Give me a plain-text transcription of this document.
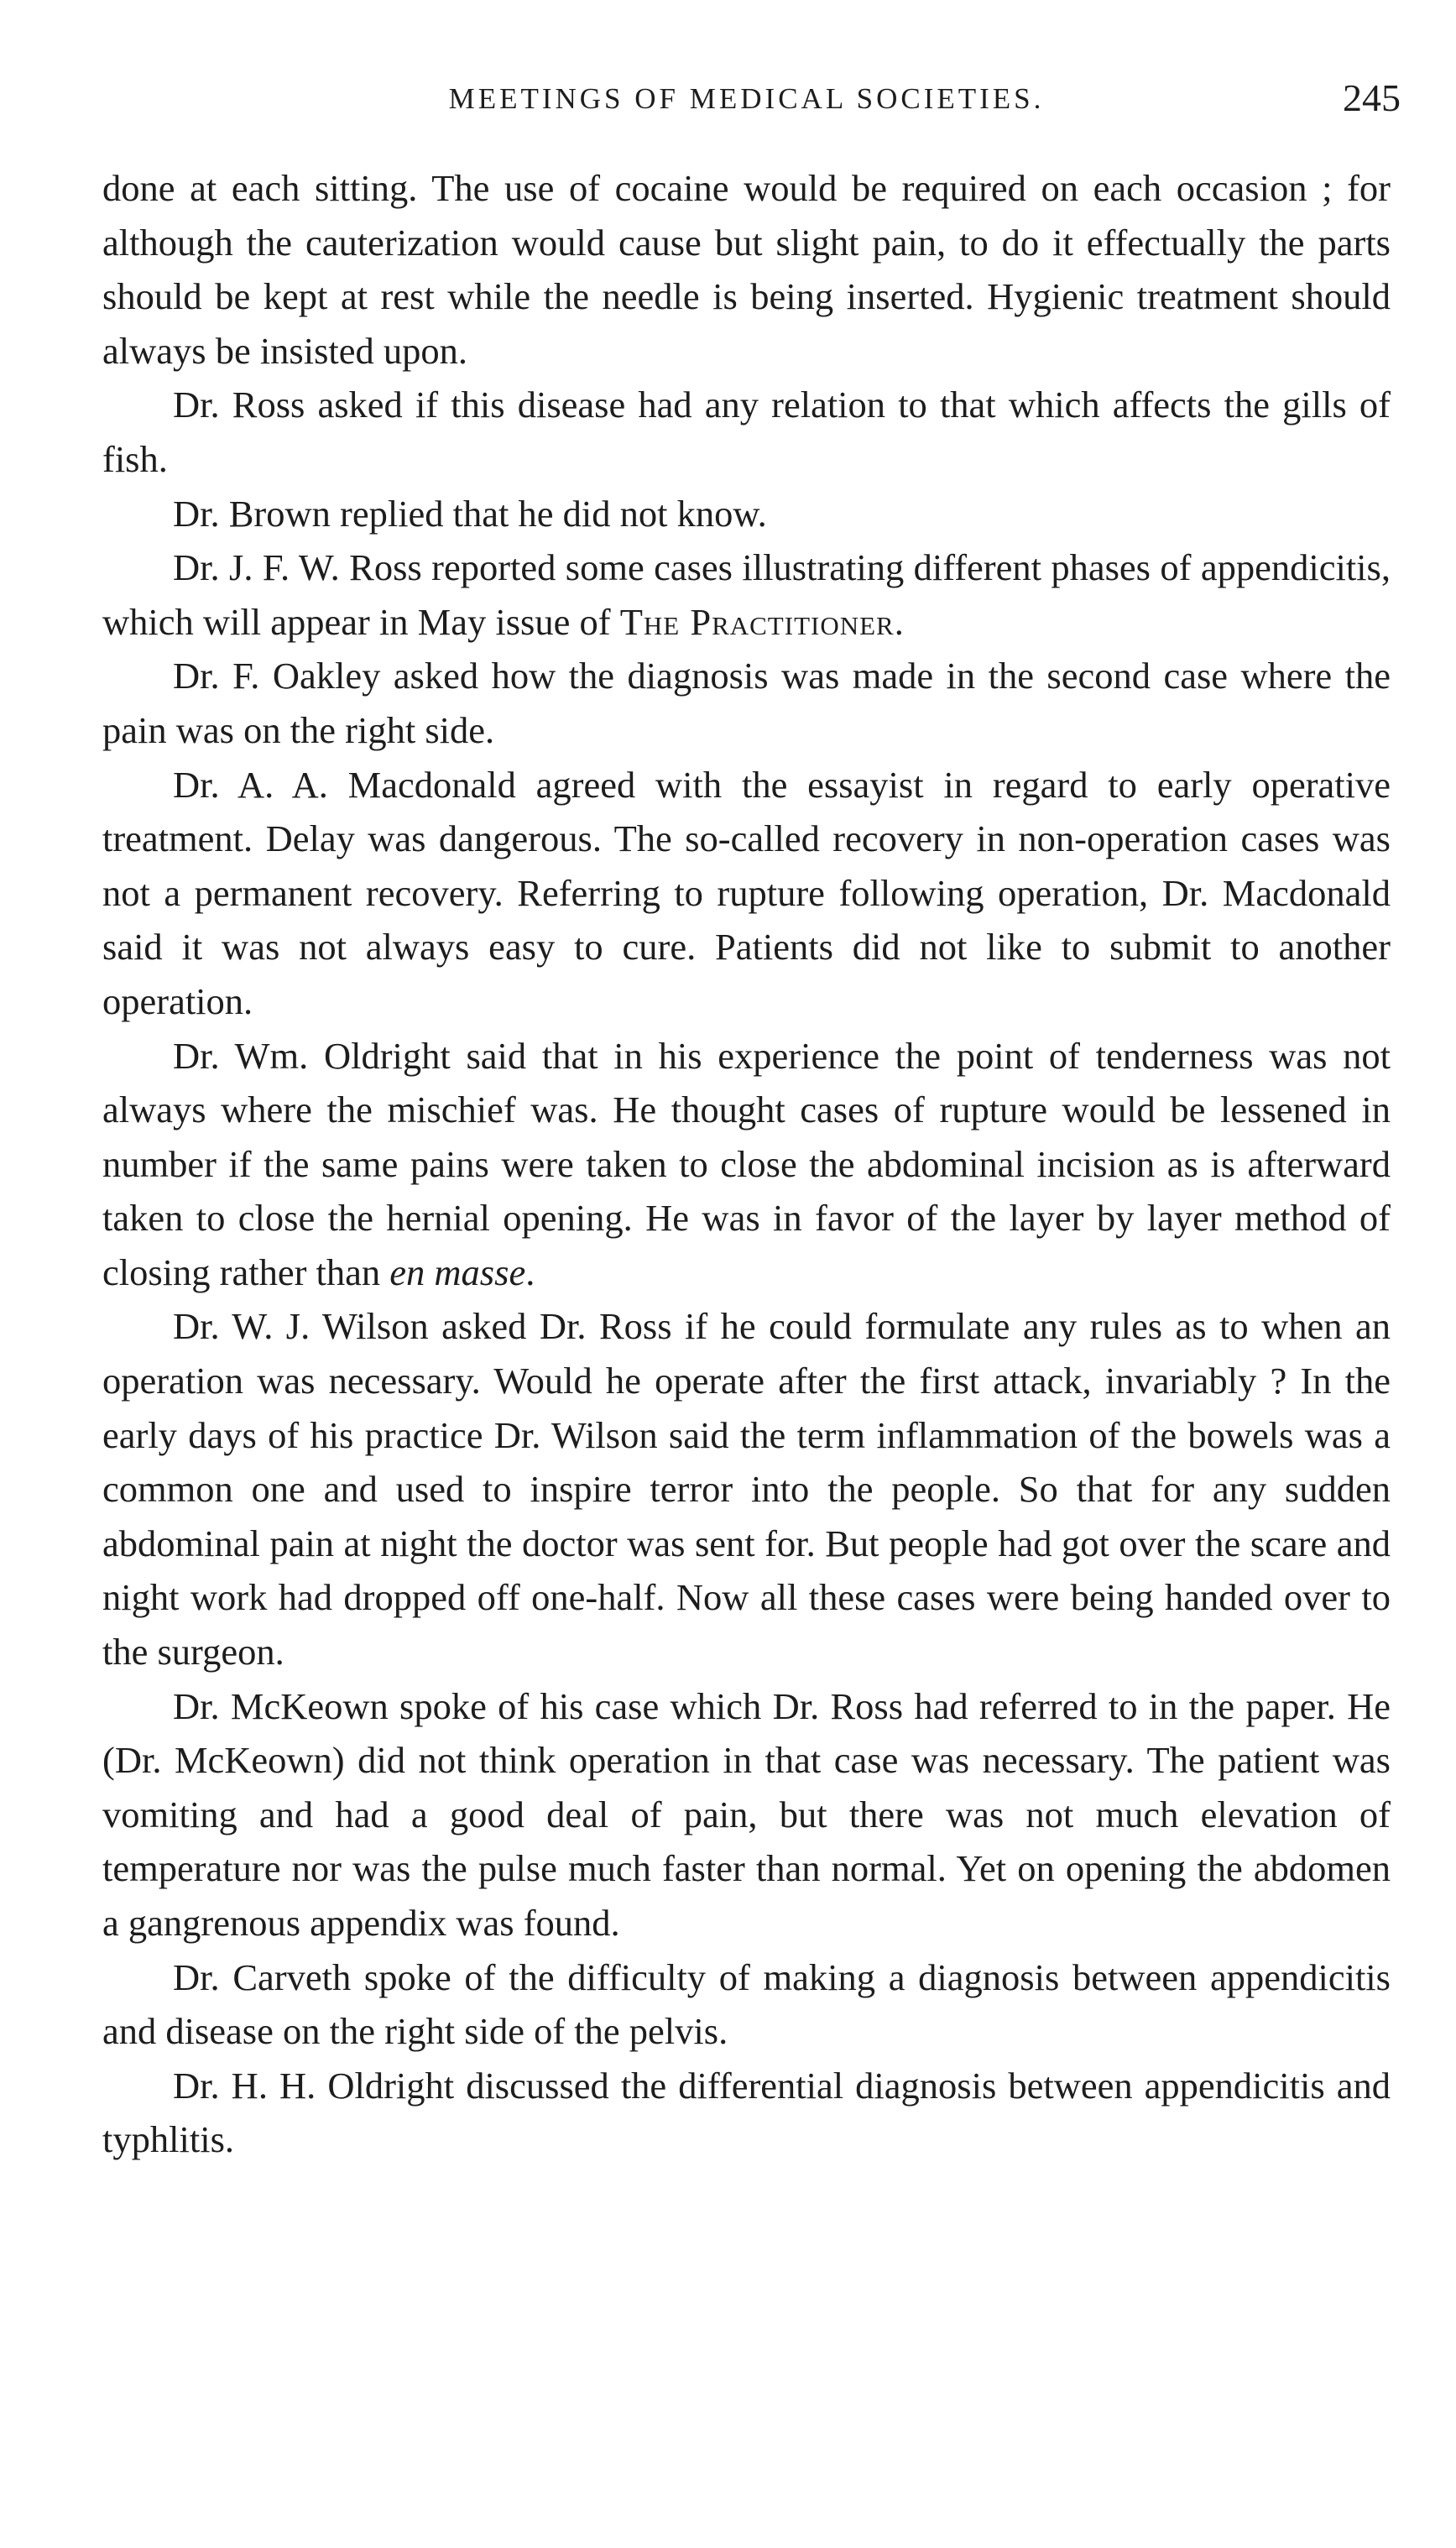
MEETINGS OF MEDICAL SOCIETIES.	245

done at each sitting. The use of cocaine would be required on each occasion ; for although the cauterization would cause but slight pain, to do it effectually the parts should be kept at rest while the needle is being inserted. Hygienic treatment should always be insisted upon.

Dr. Ross asked if this disease had any relation to that which affects the gills of fish.

Dr. Brown replied that he did not know.

Dr. J. F. W. Ross reported some cases illustrating different phases of appendicitis, which will appear in May issue of The Practitioner.

Dr. F. Oakley asked how the diagnosis was made in the second case where the pain was on the right side.

Dr. A. A. Macdonald agreed with the essayist in regard to early operative treatment. Delay was dangerous. The so-called recovery in non-operation cases was not a permanent recovery. Referring to rupture following operation, Dr. Macdonald said it was not always easy to cure. Patients did not like to submit to another operation.

Dr. Wm. Oldright said that in his experience the point of tenderness was not always where the mischief was. He thought cases of rupture would be lessened in number if the same pains were taken to close the abdominal incision as is afterward taken to close the hernial opening. He was in favor of the layer by layer method of closing rather than en masse.

Dr. W. J. Wilson asked Dr. Ross if he could formulate any rules as to when an operation was necessary. Would he operate after the first attack, invariably ? In the early days of his practice Dr. Wilson said the term inflammation of the bowels was a common one and used to inspire terror into the people. So that for any sudden abdominal pain at night the doctor was sent for. But people had got over the scare and night work had dropped off one-half. Now all these cases were being handed over to the surgeon.

Dr. McKeown spoke of his case which Dr. Ross had referred to in the paper. He (Dr. McKeown) did not think operation in that case was necessary. The patient was vomiting and had a good deal of pain, but there was not much elevation of temperature nor was the pulse much faster than normal. Yet on opening the abdomen a gangrenous appendix was found.

Dr. Carveth spoke of the difficulty of making a diagnosis between appendicitis and disease on the right side of the pelvis.

Dr. H. H. Oldright discussed the differential diagnosis between appendicitis and typhlitis.
